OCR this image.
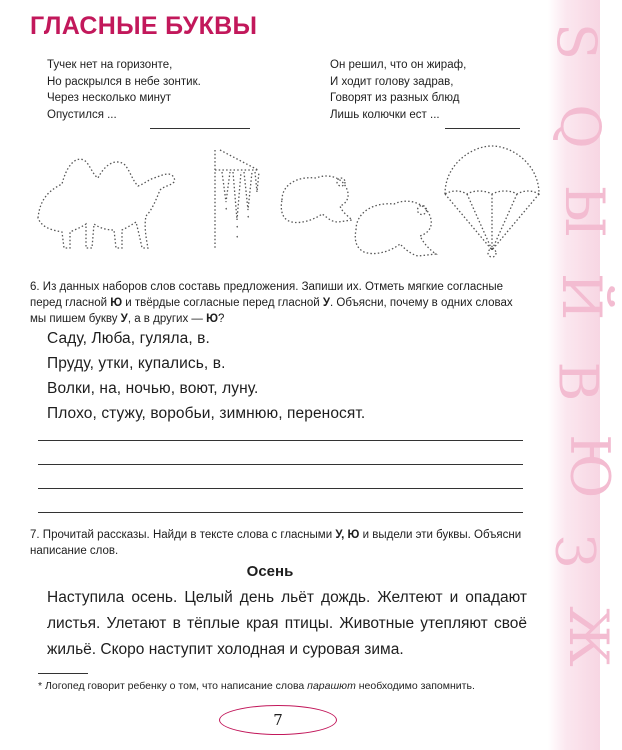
S
Q
Ы
Й
В
Ю
З
Ж
ГЛАСНЫЕ БУКВЫ
Тучек нет на горизонте,
Но раскрылся в небе зонтик.
Через несколько минут
Опустился ...
Он решил, что он жираф,
И ходит голову задрав,
Говорят из разных блюд
Лишь колючки ест ...
6. Из данных наборов слов составь предложения. Запиши их. Отметь мягкие согласные перед гласной Ю и твёрдые согласные перед гласной У. Объясни, почему в одних словах мы пишем букву У, а в других — Ю?
Саду, Люба, гуляла, в.
Пруду, утки, купались, в.
Волки, на, ночью, воют, луну.
Плохо, стужу, воробьи, зимнюю, переносят.
7. Прочитай рассказы. Найди в тексте слова с гласными У, Ю и выдели эти буквы. Объясни написание слов.
Осень

Наступила осень. Целый день льёт дождь. Желтеют и опадают листья. Улетают в тёплые края птицы. Животные утепляют своё жильё. Скоро наступит холодная и суровая зима.

* Логопед говорит ребенку о том, что написание слова парашют необходимо запомнить.
7
